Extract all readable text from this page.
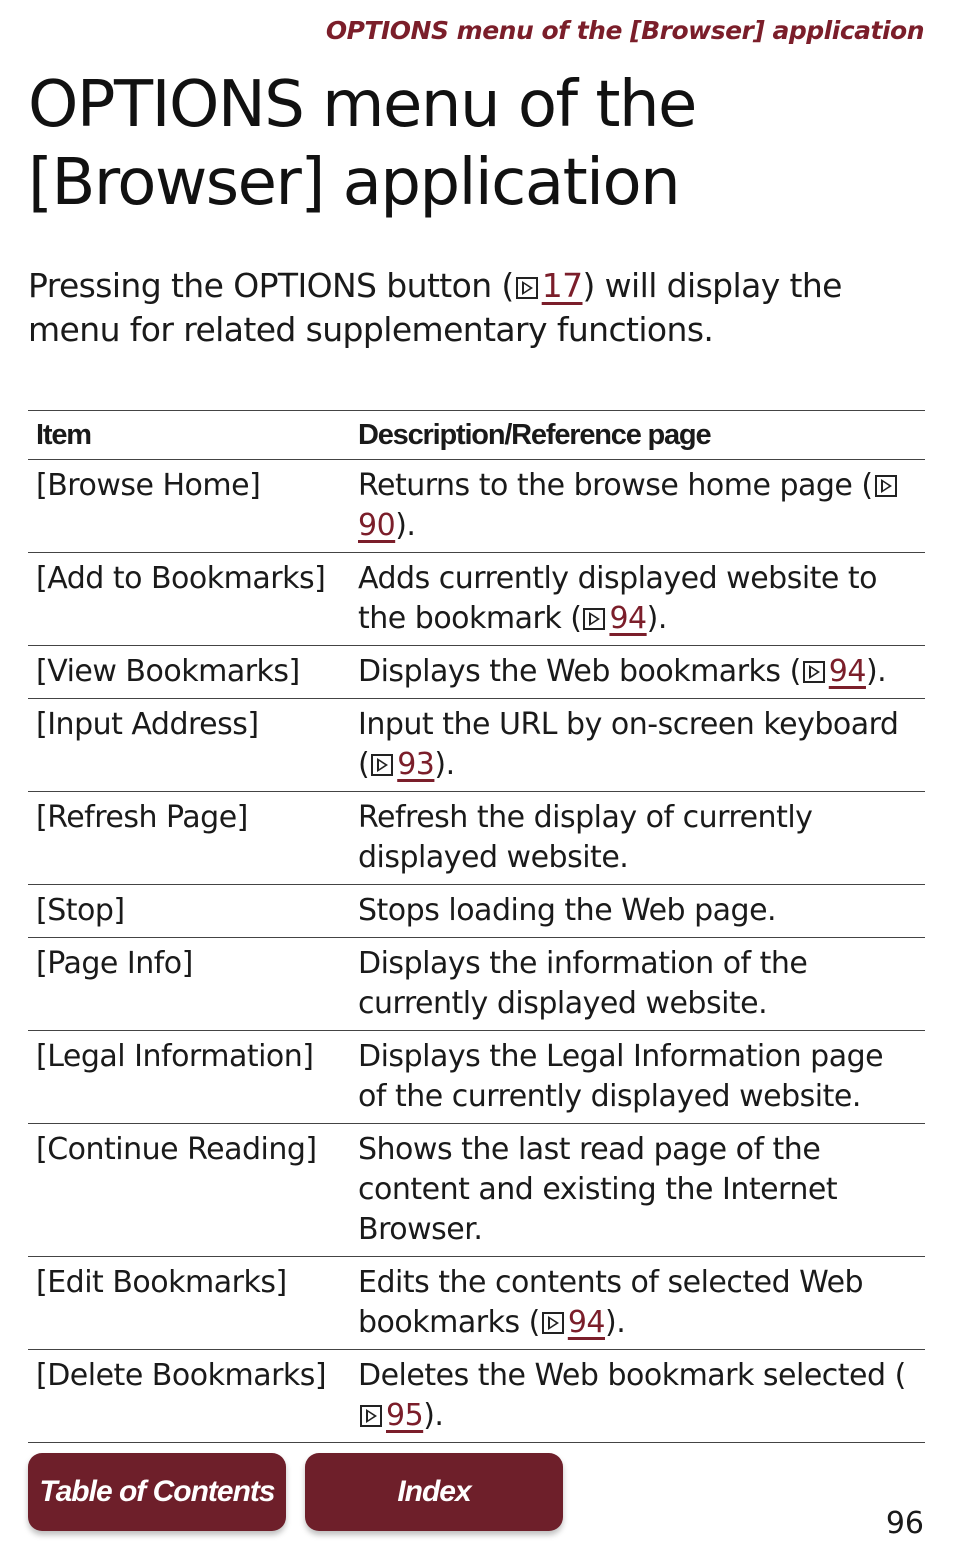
OPTIONS menu of the [Browser] application
OPTIONS menu of the
[Browser] application
Pressing the OPTIONS button ( 17) will display the menu for related supplementary functions.
Item	Description/Reference page
[Browse Home]	Returns to the browse home page (90).
[Add to Bookmarks]	Adds currently displayed website to the bookmark ( 94).
[View Bookmarks]	Displays the Web bookmarks ( 94).
[Input Address]	Input the URL by on-screen keyboard ( 93).
[Refresh Page]	Refresh the display of currently displayed website.
[Stop]	Stops loading the Web page.
[Page Info]	Displays the information of the currently displayed website.
[Legal Information]	Displays the Legal Information page of the currently displayed website.
[Continue Reading]	Shows the last read page of the content and existing the Internet Browser.
[Edit Bookmarks]	Edits the contents of selected Web bookmarks ( 94).
[Delete Bookmarks]	Deletes the Web bookmark selected (95).
Table of Contents	Index
96
